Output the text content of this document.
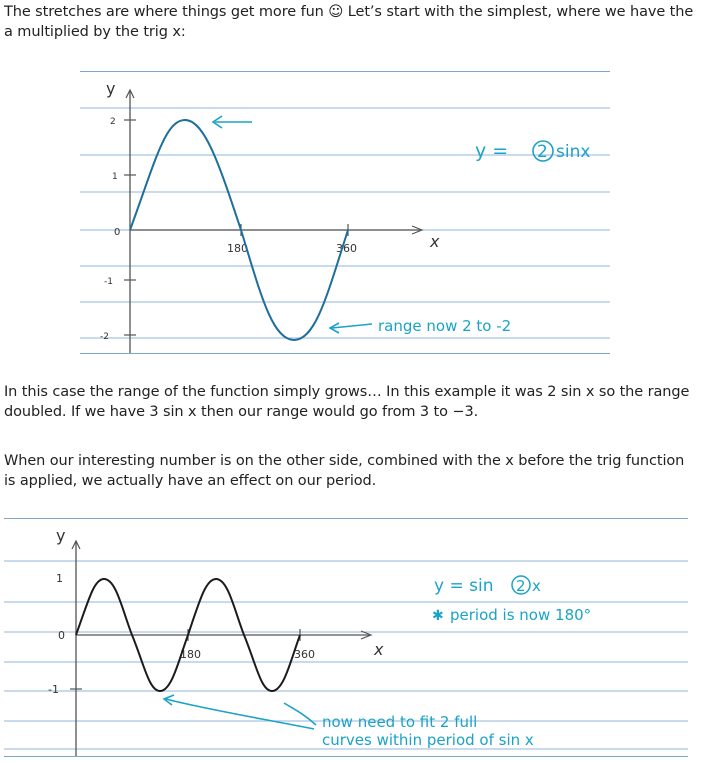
The stretches are where things get more fun ☺ Let’s start with the simplest, where we have the
a multiplied by the trig x:
y
x
2
1
0
-1
-2
180	360
y = 2 sinx
range now 2 to -2
In this case the range of the function simply grows… In this example it was 2 sin x so the range
doubled. If we have 3 sin x then our range would go from 3 to −3.
When our interesting number is on the other side, combined with the x before the trig function
is applied, we actually have an effect on our period.
y
x
1
0
-1
180	360
y = sin 2 x
✱ period is now 180°
now need to fit 2 full
curves within period of sin x
